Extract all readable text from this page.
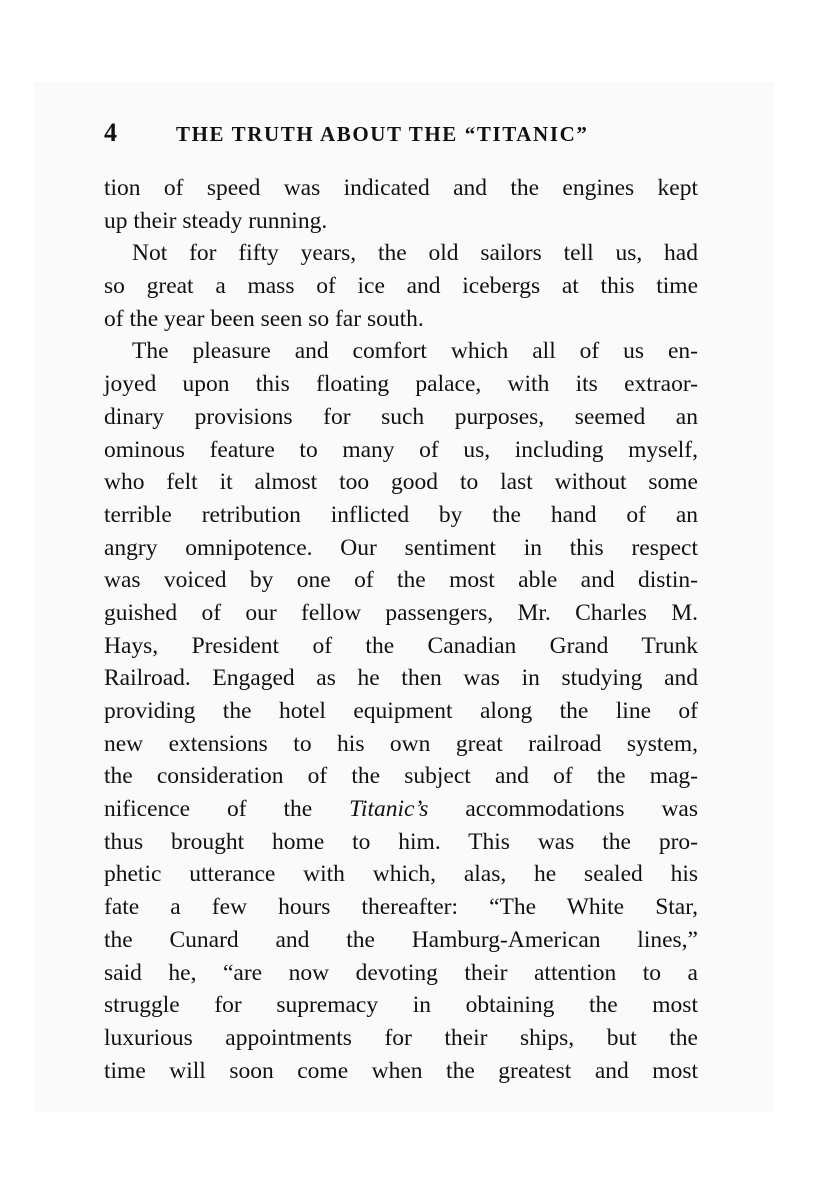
4	THE TRUTH ABOUT THE “TITANIC”
tion of speed was indicated and the engines kept
up their steady running.
Not for fifty years, the old sailors tell us, had
so great a mass of ice and icebergs at this time
of the year been seen so far south.
The pleasure and comfort which all of us en-
joyed upon this floating palace, with its extraor-
dinary provisions for such purposes, seemed an
ominous feature to many of us, including myself,
who felt it almost too good to last without some
terrible retribution inflicted by the hand of an
angry omnipotence. Our sentiment in this respect
was voiced by one of the most able and distin-
guished of our fellow passengers, Mr. Charles M.
Hays, President of the Canadian Grand Trunk
Railroad. Engaged as he then was in studying and
providing the hotel equipment along the line of
new extensions to his own great railroad system,
the consideration of the subject and of the mag-
nificence of the Titanic’s accommodations was
thus brought home to him. This was the pro-
phetic utterance with which, alas, he sealed his
fate a few hours thereafter: “The White Star,
the Cunard and the Hamburg-American lines,”
said he, “are now devoting their attention to a
struggle for supremacy in obtaining the most
luxurious appointments for their ships, but the
time will soon come when the greatest and most
